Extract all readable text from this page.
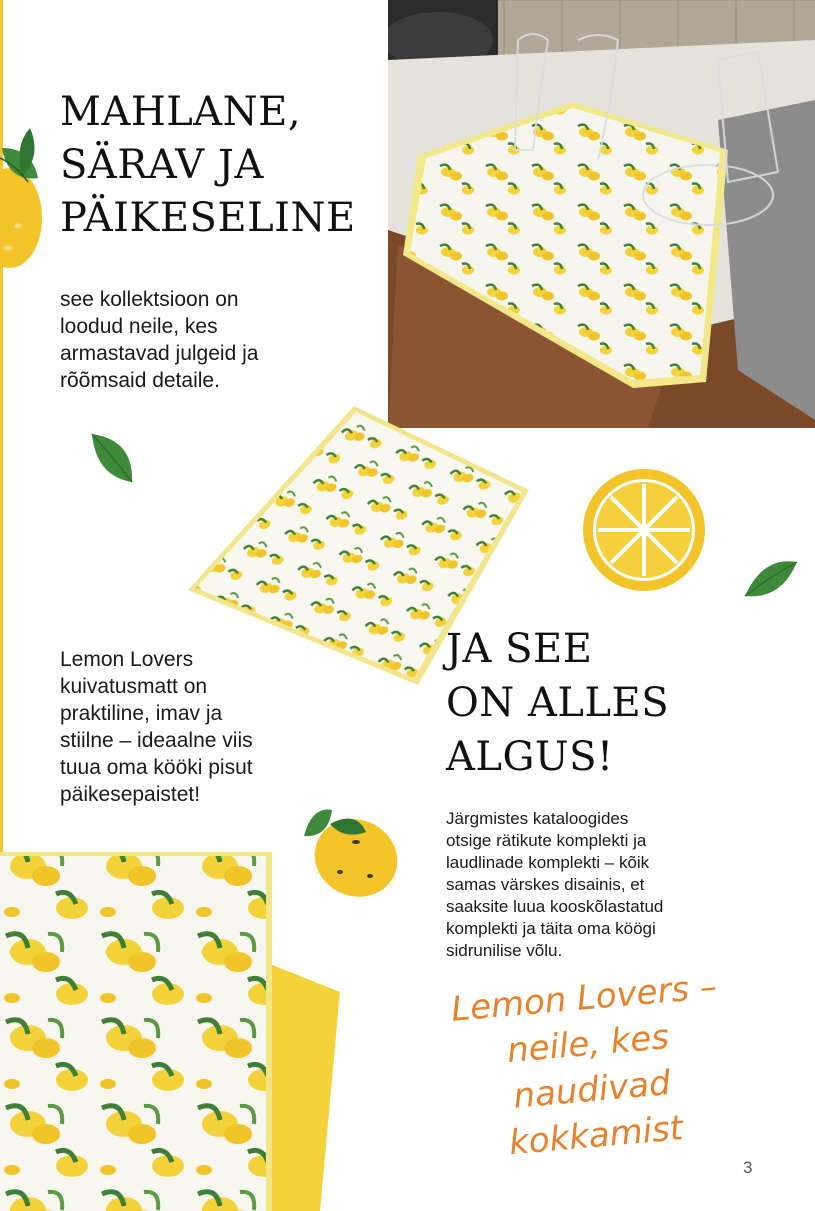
MAHLANE,
SÄRAV JA
PÄIKESELINE

see kollektsioon on
loodud neile, kes
armastavad julgeid ja
rõõmsaid detaile.

Lemon Lovers
kuivatusmatt on
praktiline, imav ja
stiilne – ideaalne viis
tuua oma kööki pisut
päikesepaistet!

JA SEE
ON ALLES
ALGUS!

Järgmistes kataloogides
otsige rätikute komplekti ja
laudlinade komplekti – kõik
samas värskes disainis, et
saaksite luua kooskõlastatud
komplekti ja täita oma köögi
sidrunilise võlu.

Lemon Lovers –
neile, kes
naudivad
kokkamist
3
